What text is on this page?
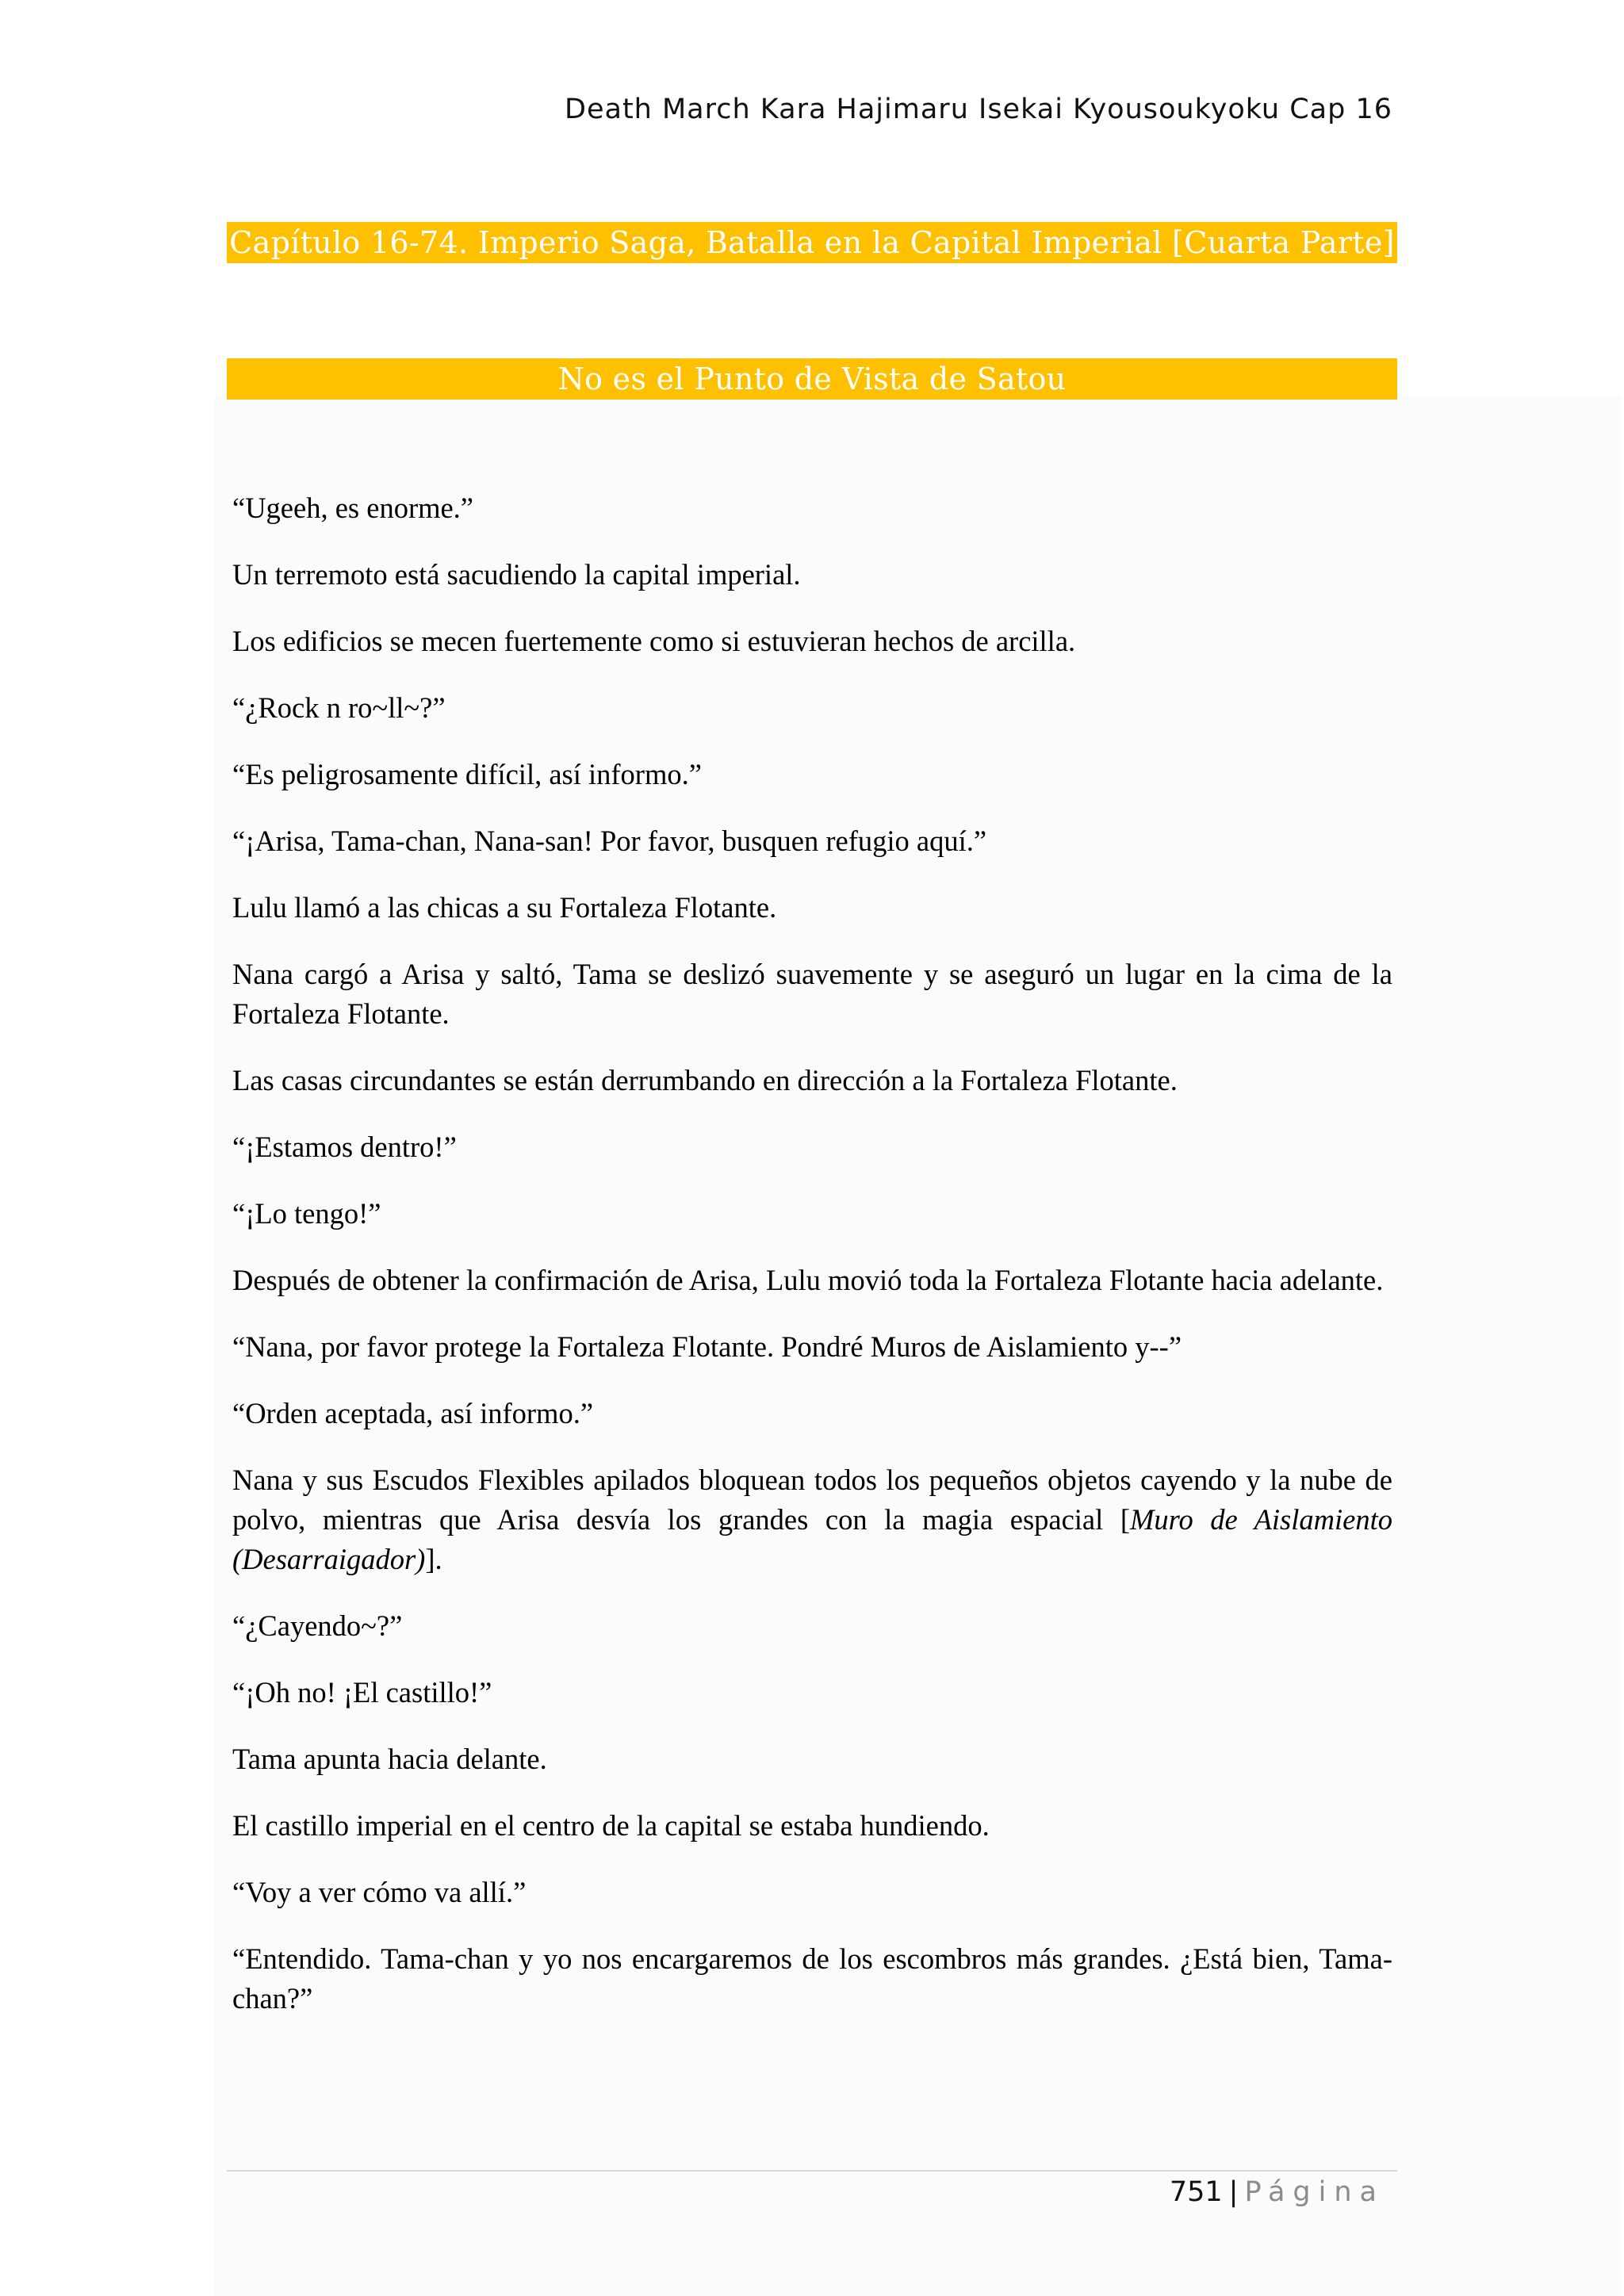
Death March Kara Hajimaru Isekai Kyousoukyoku Cap 16
Capítulo 16-74. Imperio Saga, Batalla en la Capital Imperial [Cuarta Parte]
No es el Punto de Vista de Satou

“Ugeeh, es enorme.”

Un terremoto está sacudiendo la capital imperial.

Los edificios se mecen fuertemente como si estuvieran hechos de arcilla.

“¿Rock n ro~ll~?”

“Es peligrosamente difícil, así informo.”

“¡Arisa, Tama-chan, Nana-san! Por favor, busquen refugio aquí.”

Lulu llamó a las chicas a su Fortaleza Flotante.

Nana cargó a Arisa y saltó, Tama se deslizó suavemente y se aseguró un lugar en la cima de la Fortaleza Flotante.

Las casas circundantes se están derrumbando en dirección a la Fortaleza Flotante.

“¡Estamos dentro!”

“¡Lo tengo!”

Después de obtener la confirmación de Arisa, Lulu movió toda la Fortaleza Flotante hacia adelante.

“Nana, por favor protege la Fortaleza Flotante. Pondré Muros de Aislamiento y--”

“Orden aceptada, así informo.”

Nana y sus Escudos Flexibles apilados bloquean todos los pequeños objetos cayendo y la nube de polvo, mientras que Arisa desvía los grandes con la magia espacial [Muro de Aislamiento (Desarraigador)].

“¿Cayendo~?”

“¡Oh no! ¡El castillo!”

Tama apunta hacia delante.

El castillo imperial en el centro de la capital se estaba hundiendo.

“Voy a ver cómo va allí.”

“Entendido. Tama-chan y yo nos encargaremos de los escombros más grandes. ¿Está bien, Tama-chan?”

751 | Página
